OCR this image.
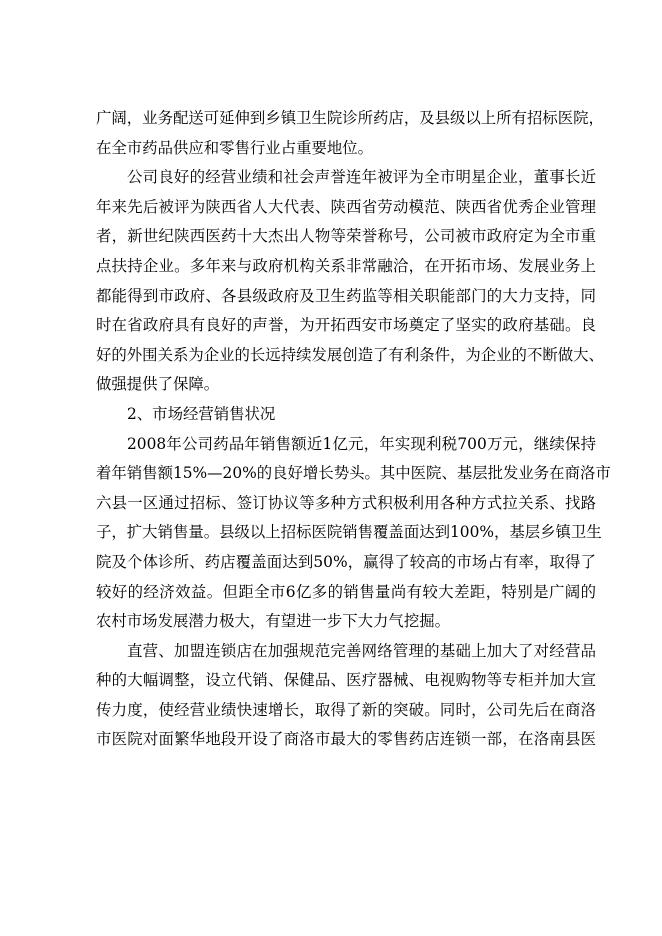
广阔，业务配送可延伸到乡镇卫生院诊所药店，及县级以上所有招标医院，
在全市药品供应和零售行业占重要地位。
公司良好的经营业绩和社会声誉连年被评为全市明星企业，董事长近
年来先后被评为陕西省人大代表、陕西省劳动模范、陕西省优秀企业管理
者，新世纪陕西医药十大杰出人物等荣誉称号，公司被市政府定为全市重
点扶持企业。多年来与政府机构关系非常融洽，在开拓市场、发展业务上
都能得到市政府、各县级政府及卫生药监等相关职能部门的大力支持，同
时在省政府具有良好的声誉，为开拓西安市场奠定了坚实的政府基础。良
好的外围关系为企业的长远持续发展创造了有利条件，为企业的不断做大、
做强提供了保障。
2、市场经营销售状况
2008年公司药品年销售额近1亿元，年实现利税700万元，继续保持
着年销售额15%—20%的良好增长势头。其中医院、基层批发业务在商洛市
六县一区通过招标、签订协议等多种方式积极利用各种方式拉关系、找路
子，扩大销售量。县级以上招标医院销售覆盖面达到100%，基层乡镇卫生
院及个体诊所、药店覆盖面达到50%，赢得了较高的市场占有率，取得了
较好的经济效益。但距全市6亿多的销售量尚有较大差距，特别是广阔的
农村市场发展潜力极大，有望进一步下大力气挖掘。
直营、加盟连锁店在加强规范完善网络管理的基础上加大了对经营品
种的大幅调整，设立代销、保健品、医疗器械、电视购物等专柜并加大宣
传力度，使经营业绩快速增长，取得了新的突破。同时，公司先后在商洛
市医院对面繁华地段开设了商洛市最大的零售药店连锁一部，在洛南县医
